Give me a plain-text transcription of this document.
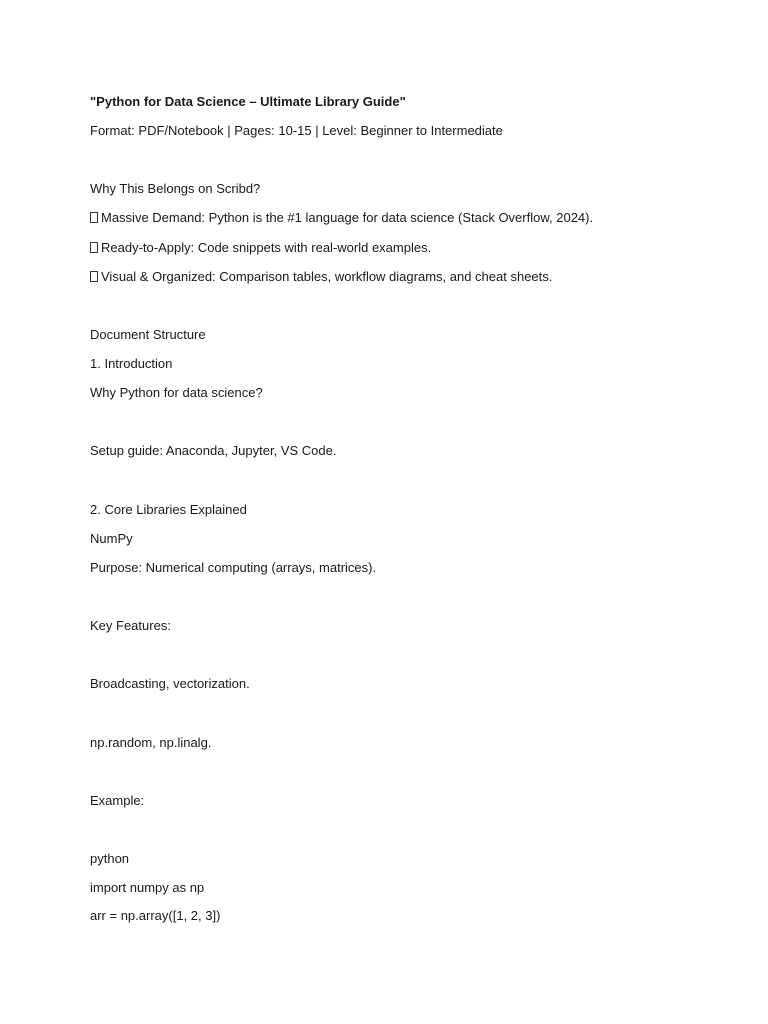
"Python for Data Science – Ultimate Library Guide"
Format: PDF/Notebook | Pages: 10-15 | Level: Beginner to Intermediate
Why This Belongs on Scribd?
Massive Demand: Python is the #1 language for data science (Stack Overflow, 2024).
Ready-to-Apply: Code snippets with real-world examples.
Visual & Organized: Comparison tables, workflow diagrams, and cheat sheets.
Document Structure
1. Introduction
Why Python for data science?
Setup guide: Anaconda, Jupyter, VS Code.
2. Core Libraries Explained
NumPy
Purpose: Numerical computing (arrays, matrices).
Key Features:
Broadcasting, vectorization.
np.random, np.linalg.
Example:
python
import numpy as np
arr = np.array([1, 2, 3])
